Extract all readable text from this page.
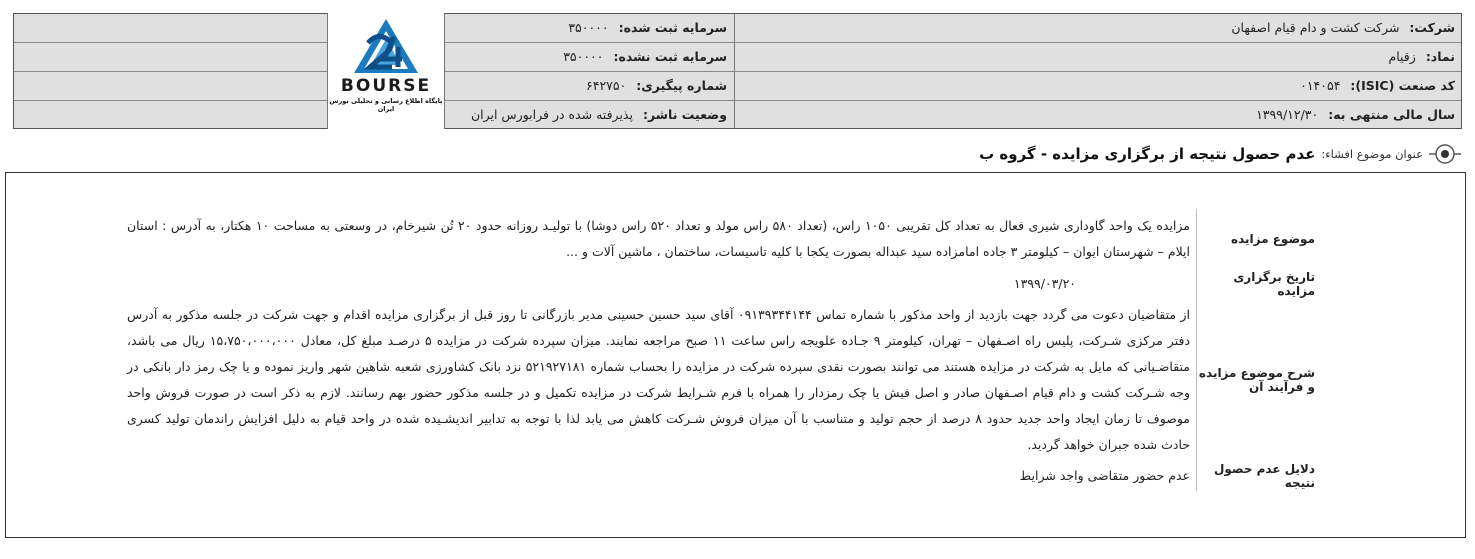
شرکت: شرکت کشت و دام قیام اصفهان
سرمایه ثبت شده: ۳۵۰۰۰۰
نماد: زقیام
سرمایه ثبت نشده: ۳۵۰۰۰۰
کد صنعت (ISIC): ۰۱۴۰۵۴
شماره پیگیری: ۶۴۲۷۵۰
سال مالی منتهی به: ۱۳۹۹/۱۲/۳۰
وضعیت ناشر: پذیرفته شده در فرابورس ایران
BOURSE
پایگاه اطلاع رسانی و تحلیلی بورس ایران
عنوان موضوع افشاء:
عدم حصول نتیجه از برگزاری مزایده - گروه ب
موضوع مزایده	مزایده یک واحد گاوداری شیری فعال به تعداد کل تقریبی ۱۰۵۰ راس، (تعداد ۵۸۰ راس مولد و تعداد ۵۲۰ راس دوشا) با تولیـد روزانه حدود ۲۰ تُن شیرخام، در وسعتی به مساحت ۱۰ هکتار، به آدرس : استان ایلام – شهرستان ایوان – کیلومتر ۳ جاده امامزاده سید عبداله بصورت یکجا با کلیه تاسیسات، ساختمان ، ماشین آلات و ...
تاریخ برگزاری مزایده	۱۳۹۹/۰۳/۲۰
شرح موضوع مزایده و فرآیند آن	از متقاضیان دعوت می گردد جهت بازدید از واحد مذکور با شماره تماس ۰۹۱۳۹۳۴۴۱۴۴ آقای سید حسین حسینی مدیر بازرگانی تا روز قبل از برگزاری مزایده اقدام و جهت شرکت در جلسه مذکور به آدرس دفتر مرکزی شـرکت، پلیس راه اصـفهان – تهران، کیلومتر ۹ جـاده علویجه راس ساعت ۱۱ صبح مراجعه نمایند. میزان سپرده شرکت در مزایده ۵ درصـد مبلغ کل، معادل ۱۵،۷۵۰،۰۰۰،۰۰۰ ریال می باشد، متقاضـیانی که مایل به شرکت در مزایده هستند می توانند بصورت نقدی سپرده شرکت در مزایده را بحساب شماره ۵۲۱۹۲۷۱۸۱ نزد بانک کشاورزی شعبه شاهین شهر واریز نموده و یا چک رمز دار بانکی در وجه شـرکت کشت و دام قیام اصـفهان صادر و اصل فیش یا چک رمزدار را همراه با فرم شـرایط شرکت در مزایده تکمیل و در جلسه مذکور حضور بهم رسانند. لازم به ذکر است در صورت فروش واحد موصوف تا زمان ایجاد واحد جدید حدود ۸ درصد از حجم تولید و متناسب با آن میزان فروش شـرکت کاهش می یابد لذا با توجه به تدابیر اندیشـیده شده در واحد قیام به دلیل افزایش راندمان تولید کسری حادث شده جبران خواهد گردید.
دلایل عدم حصول نتیجه	عدم حضور متقاضی واجد شرایط
